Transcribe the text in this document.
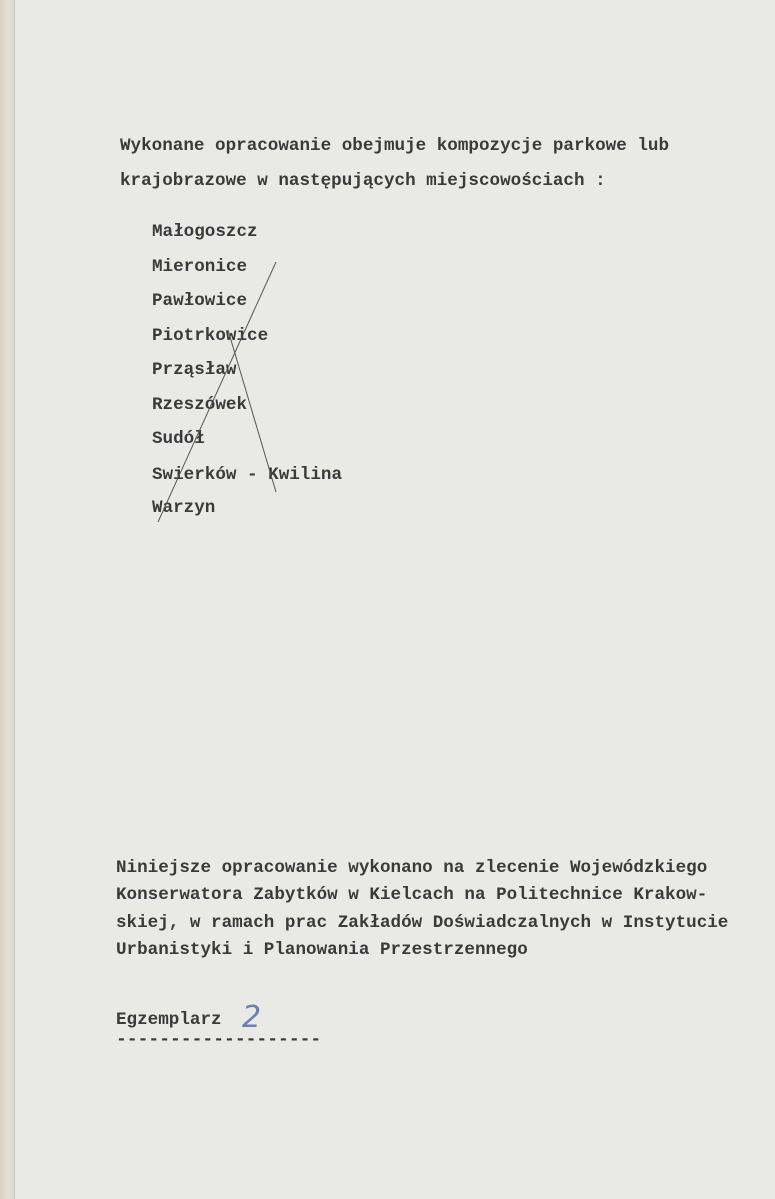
Wykonane opracowanie obejmuje kompozycje parkowe lub
krajobrazowe w następujących miejscowościach :
Małogoszcz
Mieronice
Pawłowice
Piotrkowice
Prząsław
Rzeszówek
Sudół
Swierków - Kwilina
Warzyn
Niniejsze opracowanie wykonano na zlecenie Wojewódzkiego
Konserwatora Zabytków w Kielcach na Politechnice Krakow-
skiej, w ramach prac Zakładów Doświadczalnych w Instytucie
Urbanistyki i Planowania Przestrzennego
Egzemplarz 2
-------------------
